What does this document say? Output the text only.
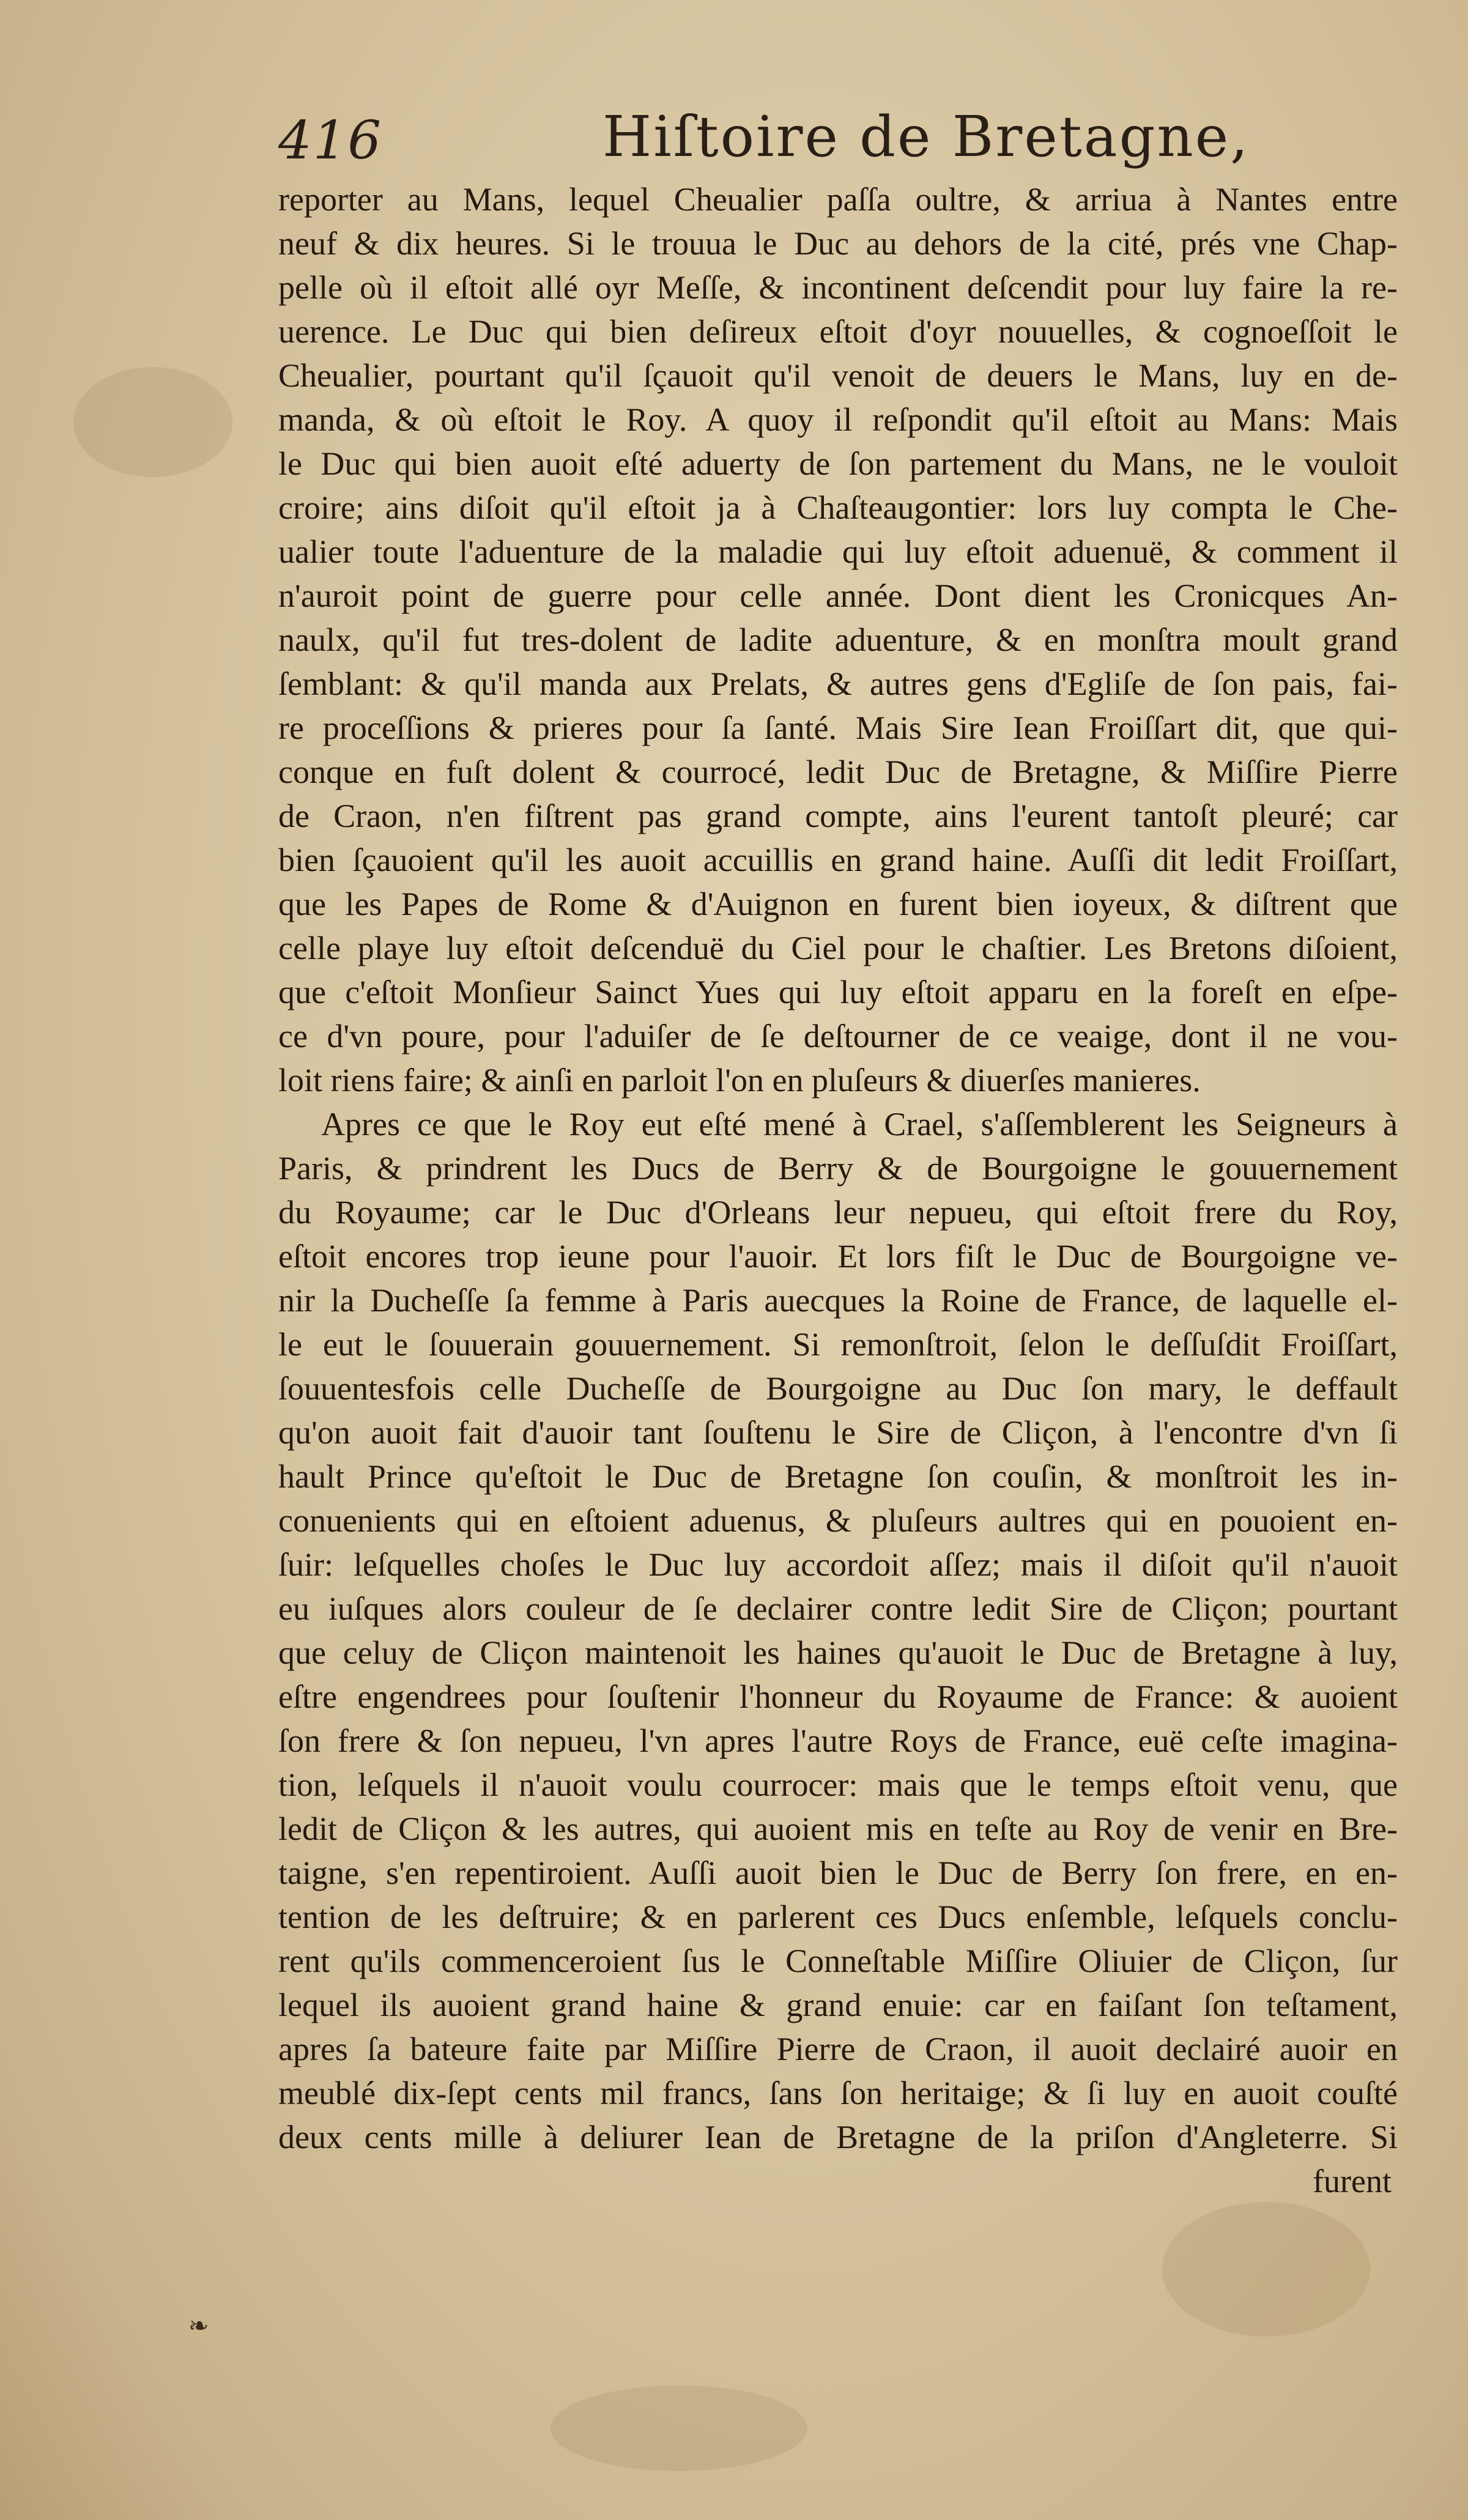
416	Hiſtoire de Bretagne,
reporter au Mans, lequel Cheualier paſſa oultre, & arriua à Nantes entre
neuf & dix heures. Si le trouua le Duc au dehors de la cité, prés vne Chap-
pelle où il eſtoit allé oyr Meſſe, & incontinent deſcendit pour luy faire la re-
uerence. Le Duc qui bien deſireux eſtoit d'oyr nouuelles, & cognoeſſoit le
Cheualier, pourtant qu'il ſçauoit qu'il venoit de deuers le Mans, luy en de-
manda, & où eſtoit le Roy. A quoy il reſpondit qu'il eſtoit au Mans: Mais
le Duc qui bien auoit eſté aduerty de ſon partement du Mans, ne le vouloit
croire; ains diſoit qu'il eſtoit ja à Chaſteaugontier: lors luy compta le Che-
ualier toute l'aduenture de la maladie qui luy eſtoit aduenuë, & comment il
n'auroit point de guerre pour celle année. Dont dient les Cronicques An-
naulx, qu'il fut tres-dolent de ladite aduenture, & en monſtra moult grand
ſemblant: & qu'il manda aux Prelats, & autres gens d'Egliſe de ſon pais, fai-
re proceſſions & prieres pour ſa ſanté. Mais Sire Iean Froiſſart dit, que qui-
conque en fuſt dolent & courrocé, ledit Duc de Bretagne, & Miſſire Pierre
de Craon, n'en fiſtrent pas grand compte, ains l'eurent tantoſt pleuré; car
bien ſçauoient qu'il les auoit accuillis en grand haine. Auſſi dit ledit Froiſſart,
que les Papes de Rome & d'Auignon en furent bien ioyeux, & diſtrent que
celle playe luy eſtoit deſcenduë du Ciel pour le chaſtier. Les Bretons diſoient,
que c'eſtoit Monſieur Sainct Yues qui luy eſtoit apparu en la foreſt en eſpe-
ce d'vn poure, pour l'aduiſer de ſe deſtourner de ce veaige, dont il ne vou-
loit riens faire; & ainſi en parloit l'on en pluſeurs & diuerſes manieres.
Apres ce que le Roy eut eſté mené à Crael, s'aſſemblerent les Seigneurs à
Paris, & prindrent les Ducs de Berry & de Bourgoigne le gouuernement
du Royaume; car le Duc d'Orleans leur nepueu, qui eſtoit frere du Roy,
eſtoit encores trop ieune pour l'auoir. Et lors fiſt le Duc de Bourgoigne ve-
nir la Ducheſſe ſa femme à Paris auecques la Roine de France, de laquelle el-
le eut le ſouuerain gouuernement. Si remonſtroit, ſelon le deſſuſdit Froiſſart,
ſouuentesfois celle Ducheſſe de Bourgoigne au Duc ſon mary, le deffault
qu'on auoit fait d'auoir tant ſouſtenu le Sire de Cliçon, à l'encontre d'vn ſi
hault Prince qu'eſtoit le Duc de Bretagne ſon couſin, & monſtroit les in-
conuenients qui en eſtoient aduenus, & pluſeurs aultres qui en pouoient en-
ſuir: leſquelles choſes le Duc luy accordoit aſſez; mais il diſoit qu'il n'auoit
eu iuſques alors couleur de ſe declairer contre ledit Sire de Cliçon; pourtant
que celuy de Cliçon maintenoit les haines qu'auoit le Duc de Bretagne à luy,
eſtre engendrees pour ſouſtenir l'honneur du Royaume de France: & auoient
ſon frere & ſon nepueu, l'vn apres l'autre Roys de France, euë ceſte imagina-
tion, leſquels il n'auoit voulu courrocer: mais que le temps eſtoit venu, que
ledit de Cliçon & les autres, qui auoient mis en teſte au Roy de venir en Bre-
taigne, s'en repentiroient. Auſſi auoit bien le Duc de Berry ſon frere, en en-
tention de les deſtruire; & en parlerent ces Ducs enſemble, leſquels conclu-
rent qu'ils commenceroient ſus le Conneſtable Miſſire Oliuier de Cliçon, ſur
lequel ils auoient grand haine & grand enuie: car en faiſant ſon teſtament,
apres ſa bateure faite par Miſſire Pierre de Craon, il auoit declairé auoir en
meublé dix-ſept cents mil francs, ſans ſon heritaige; & ſi luy en auoit couſté
deux cents mille à deliurer Iean de Bretagne de la priſon d'Angleterre. Si
furent
❧
